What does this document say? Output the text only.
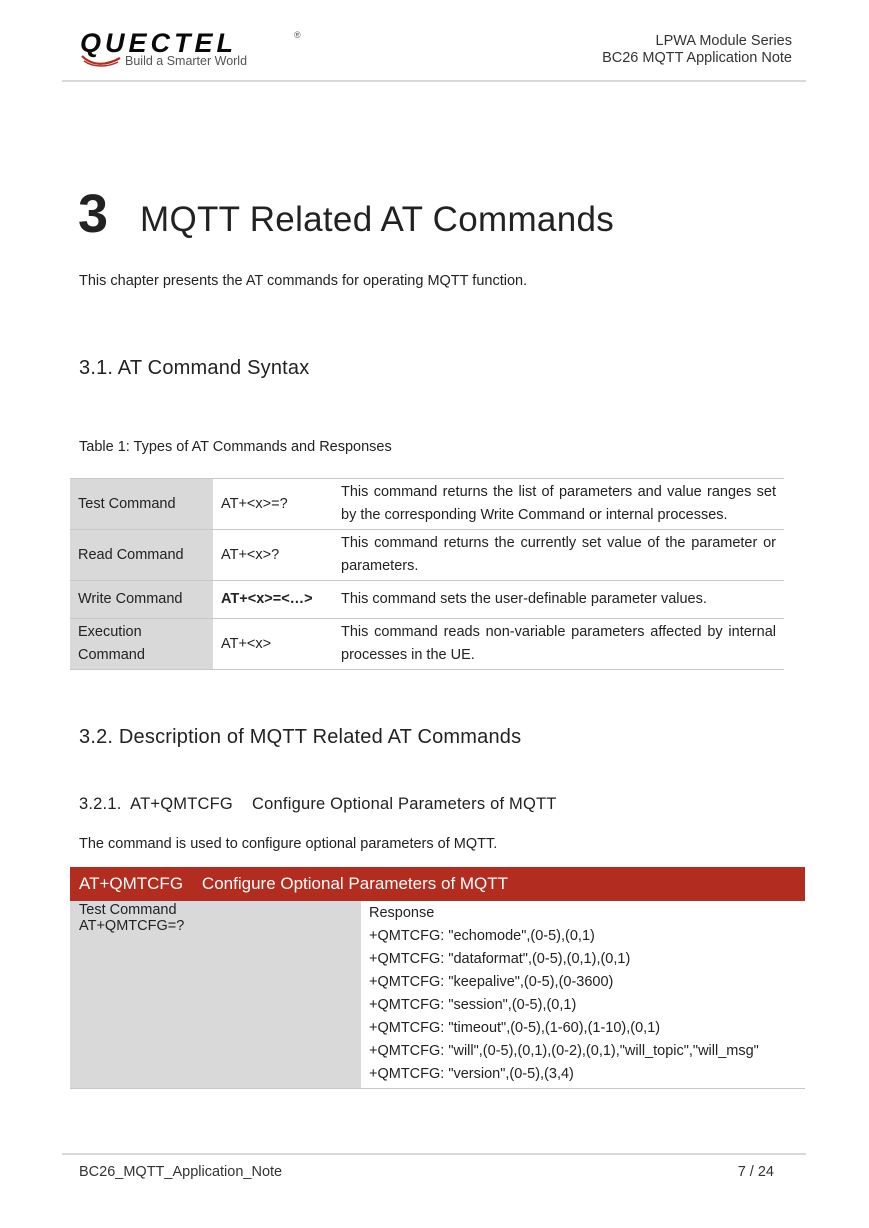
QUECTEL	®
Build a Smarter World
LPWA Module Series
BC26 MQTT Application Note
3 MQTT Related AT Commands
This chapter presents the AT commands for operating MQTT function.
3.1. AT Command Syntax
Table 1: Types of AT Commands and Responses
Test Command	AT+<x>=?	This command returns the list of parameters and value ranges set by the corresponding Write Command or internal processes.
Read Command	AT+<x>?	This command returns the currently set value of the parameter or parameters.
Write Command	AT+<x>=<…>	This command sets the user-definable parameter values.
Execution Command	AT+<x>	This command reads non-variable parameters affected by internal processes in the UE.
3.2. Description of MQTT Related AT Commands
3.2.1.  AT+QMTCFG    Configure Optional Parameters of MQTT
The command is used to configure optional parameters of MQTT.
AT+QMTCFG    Configure Optional Parameters of MQTT

Test Command
AT+QMTCFG=?

Response
+QMTCFG: "echomode",(0-5),(0,1)
+QMTCFG: "dataformat",(0-5),(0,1),(0,1)
+QMTCFG: "keepalive",(0-5),(0-3600)
+QMTCFG: "session",(0-5),(0,1)
+QMTCFG: "timeout",(0-5),(1-60),(1-10),(0,1)
+QMTCFG: "will",(0-5),(0,1),(0-2),(0,1),"will_topic","will_msg"
+QMTCFG: "version",(0-5),(3,4)
BC26_MQTT_Application_Note	7 / 24
